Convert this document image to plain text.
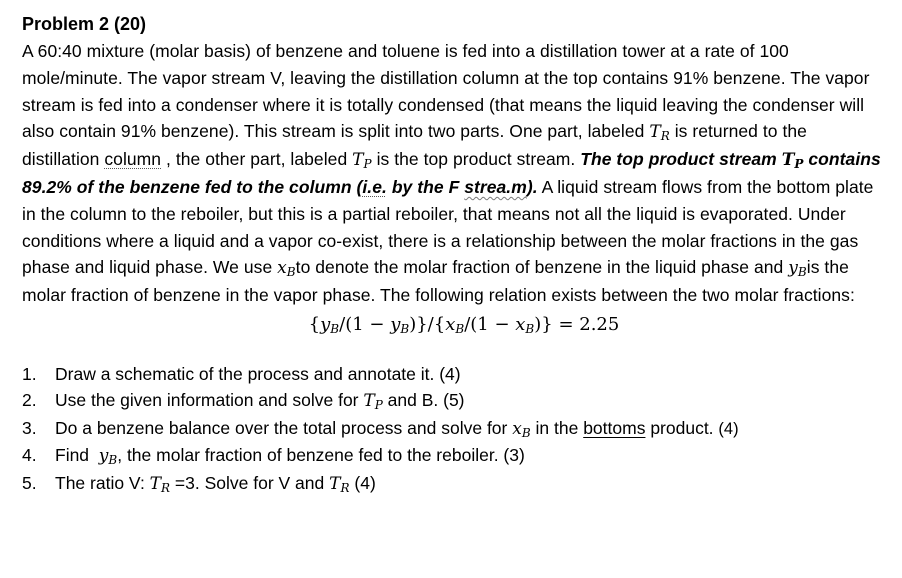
Problem 2 (20)

A 60:40 mixture (molar basis) of benzene and toluene is fed into a distillation tower at a rate of 100 mole/minute. The vapor stream V, leaving the distillation column at the top contains 91% benzene. The vapor stream is fed into a condenser where it is totally condensed (that means the liquid leaving the condenser will also contain 91% benzene). This stream is split into two parts. One part, labeled $T_R$ is returned to the distillation column , the other part, labeled $T_P$ is the top product stream. The top product stream $T_P$ contains 89.2% of the benzene fed to the column (i.e. by the F strea.m). A liquid stream flows from the bottom plate in the column to the reboiler, but this is a partial reboiler, that means not all the liquid is evaporated. Under conditions where a liquid and a vapor co-exist, there is a relationship between the molar fractions in the gas phase and liquid phase. We use $x_Bto$ denote the molar fraction of benzene in the liquid phase and $y_Bis$ the molar fraction of benzene in the vapor phase. The following relation exists between the two molar fractions:

$\{y_B/(1 - y_B)\}/\{x_B/(1 - x_B)\} = 2.25$
1.	Draw a schematic of the process and annotate it. (4)
2.	Use the given information and solve for $T_P$ and B. (5)
3.	Do a benzene balance over the total process and solve for $x_B$ in the bottoms product. (4)
4.	Find  $y_B$, the molar fraction of benzene fed to the reboiler. (3)
5.	The ratio V: $T_R =3$. Solve for V and $T_R$ (4)
